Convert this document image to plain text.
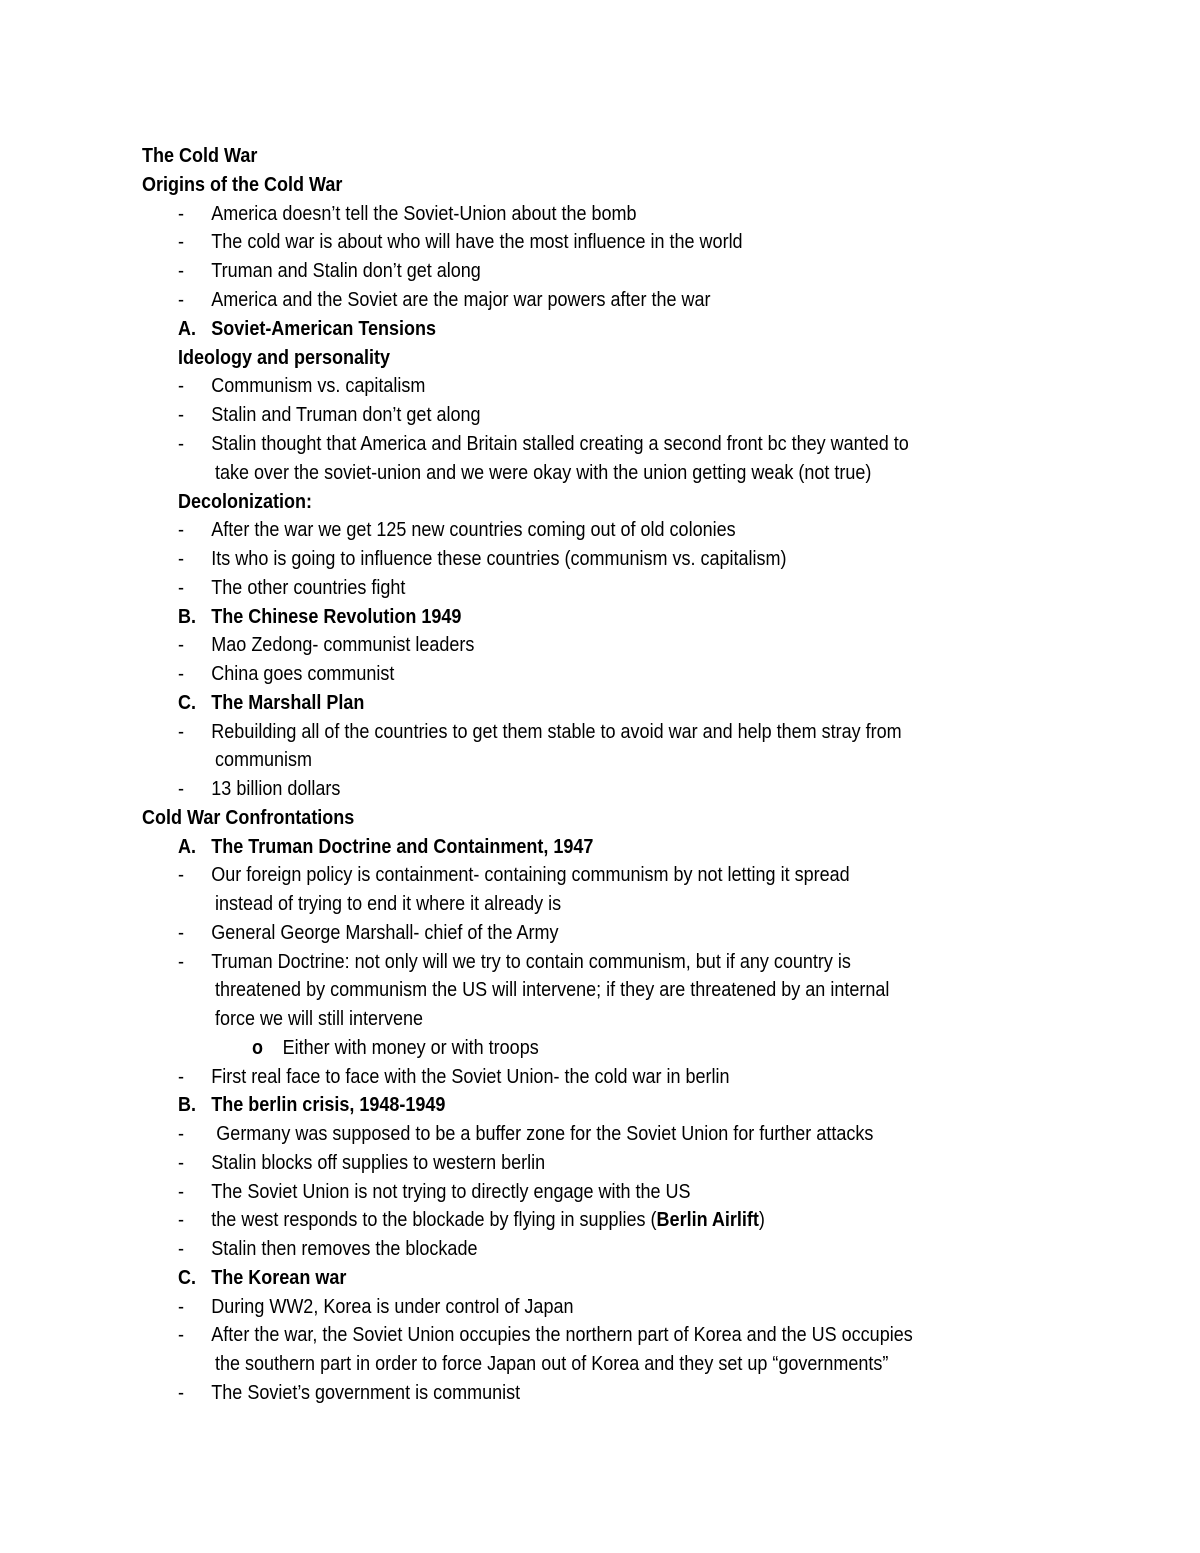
The Cold War
Origins of the Cold War
- America doesn’t tell the Soviet-Union about the bomb
- The cold war is about who will have the most influence in the world
- Truman and Stalin don’t get along
- America and the Soviet are the major war powers after the war
A. Soviet-American Tensions
Ideology and personality
- Communism vs. capitalism
- Stalin and Truman don’t get along
- Stalin thought that America and Britain stalled creating a second front bc they wanted to
take over the soviet-union and we were okay with the union getting weak (not true)
Decolonization:
- After the war we get 125 new countries coming out of old colonies
- Its who is going to influence these countries (communism vs. capitalism)
- The other countries fight
B. The Chinese Revolution 1949
- Mao Zedong- communist leaders
- China goes communist
C. The Marshall Plan
- Rebuilding all of the countries to get them stable to avoid war and help them stray from
communism
- 13 billion dollars
Cold War Confrontations
A. The Truman Doctrine and Containment, 1947
- Our foreign policy is containment- containing communism by not letting it spread
instead of trying to end it where it already is
- General George Marshall- chief of the Army
- Truman Doctrine: not only will we try to contain communism, but if any country is
threatened by communism the US will intervene; if they are threatened by an internal
force we will still intervene
o Either with money or with troops
- First real face to face with the Soviet Union- the cold war in berlin
B. The berlin crisis, 1948-1949
- Germany was supposed to be a buffer zone for the Soviet Union for further attacks
- Stalin blocks off supplies to western berlin
- The Soviet Union is not trying to directly engage with the US
- the west responds to the blockade by flying in supplies (Berlin Airlift)
- Stalin then removes the blockade
C. The Korean war
- During WW2, Korea is under control of Japan
- After the war, the Soviet Union occupies the northern part of Korea and the US occupies
the southern part in order to force Japan out of Korea and they set up “governments”
- The Soviet’s government is communist
